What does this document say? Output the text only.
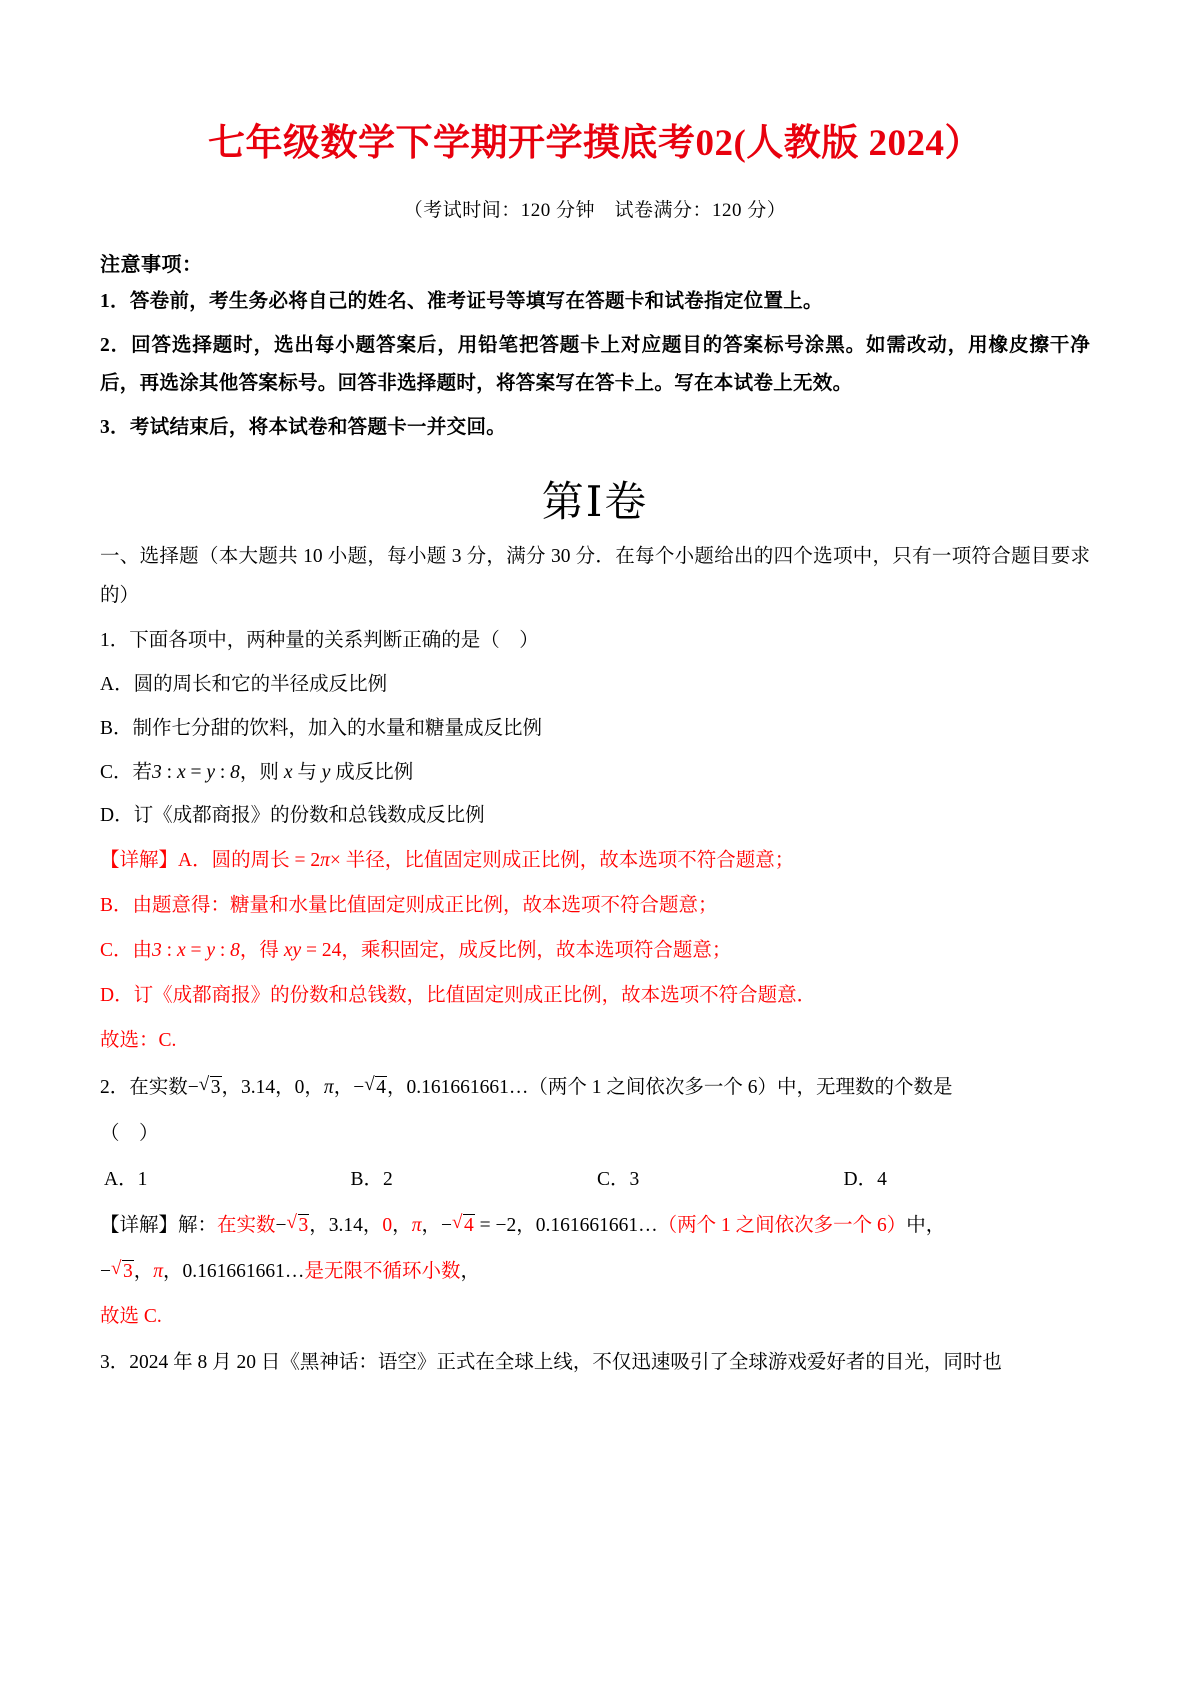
七年级数学下学期开学摸底考02(人教版 2024）
（考试时间：120 分钟　试卷满分：120 分）
注意事项：
1．答卷前，考生务必将自己的姓名、准考证号等填写在答题卡和试卷指定位置上。
2．回答选择题时，选出每小题答案后，用铅笔把答题卡上对应题目的答案标号涂黑。如需改动，用橡皮擦干净后，再选涂其他答案标号。回答非选择题时，将答案写在答卡上。写在本试卷上无效。
3．考试结束后，将本试卷和答题卡一并交回。
第Ⅰ卷
一、选择题（本大题共 10 小题，每小题 3 分，满分 30 分．在每个小题给出的四个选项中，只有一项符合题目要求的）
1．下面各项中，两种量的关系判断正确的是（　）
A．圆的周长和它的半径成反比例
B．制作七分甜的饮料，加入的水量和糖量成反比例
C．若3 : x = y : 8，则 x 与 y 成反比例
D．订《成都商报》的份数和总钱数成反比例
【详解】A．圆的周长 = 2π× 半径，比值固定则成正比例，故本选项不符合题意；
B．由题意得：糖量和水量比值固定则成正比例，故本选项不符合题意；
C．由3 : x = y : 8，得 xy = 24，乘积固定，成反比例，故本选项符合题意；
D．订《成都商报》的份数和总钱数，比值固定则成正比例，故本选项不符合题意．
故选：C.
2．在实数− √ 3，3.14，0，π，− √ 4，0.161661661…（两个 1 之间依次多一个 6）中，无理数的个数是
（　）
A．1	B．2	C．3	D．4
【详解】解：在实数− √ 3，3.14，0，π，− √ 4 = −2，0.161661661…（两个 1 之间依次多一个 6）中，
− √ 3，π，0.161661661…是无限不循环小数，
故选 C.
3．2024 年 8 月 20 日《黑神话：语空》正式在全球上线，不仅迅速吸引了全球游戏爱好者的目光，同时也
